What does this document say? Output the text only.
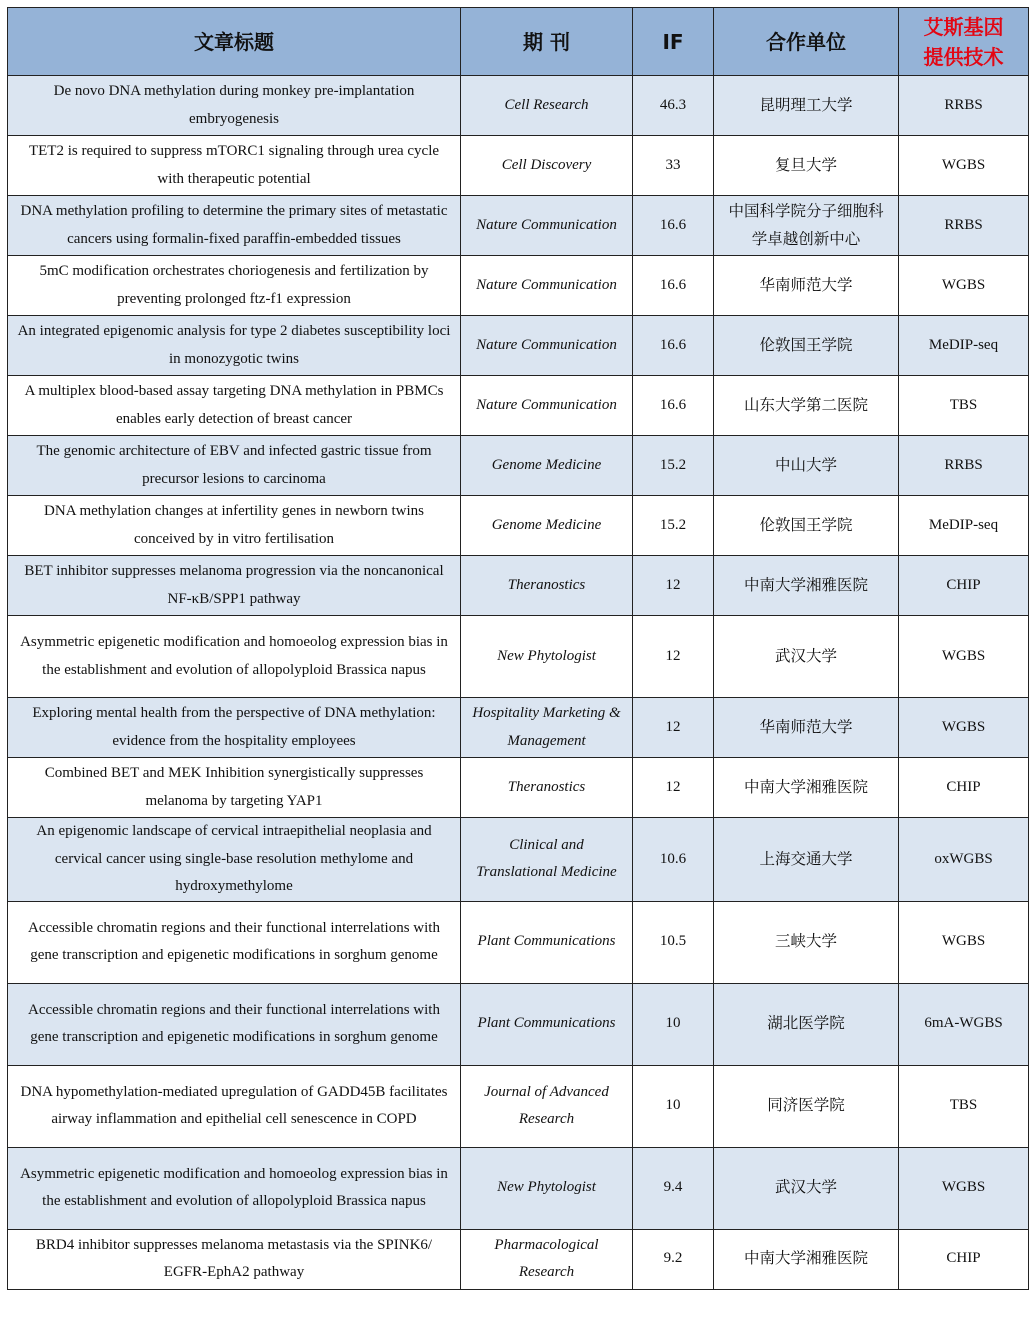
文章标题	期 刊	IF	合作单位	艾斯基因
提供技术
De novo DNA methylation during monkey pre-implantation embryogenesis	Cell Research	46.3	昆明理工大学	RRBS
TET2 is required to suppress mTORC1 signaling through urea cycle with therapeutic potential	Cell Discovery	33	复旦大学	WGBS
DNA methylation profiling to determine the primary sites of metastatic cancers using formalin-fixed paraffin-embedded tissues	Nature Communication	16.6	中国科学院分子细胞科学卓越创新中心	RRBS
5mC modification orchestrates choriogenesis and fertilization by preventing prolonged ftz-f1 expression	Nature Communication	16.6	华南师范大学	WGBS
An integrated epigenomic analysis for type 2 diabetes susceptibility loci in monozygotic twins	Nature Communication	16.6	伦敦国王学院	MeDIP-seq
A multiplex blood-based assay targeting DNA methylation in PBMCs enables early detection of breast cancer	Nature Communication	16.6	山东大学第二医院	TBS
The genomic architecture of EBV and infected gastric tissue from precursor lesions to carcinoma	Genome Medicine	15.2	中山大学	RRBS
DNA methylation changes at infertility genes in newborn twins conceived by in vitro fertilisation	Genome Medicine	15.2	伦敦国王学院	MeDIP-seq
BET inhibitor suppresses melanoma progression via the noncanonical NF-κB/SPP1 pathway	Theranostics	12	中南大学湘雅医院	CHIP
Asymmetric epigenetic modification and homoeolog expression bias in the establishment and evolution of allopolyploid Brassica napus	New Phytologist	12	武汉大学	WGBS
Exploring mental health from the perspective of DNA methylation: evidence from the hospitality employees	Hospitality Marketing & Management	12	华南师范大学	WGBS
Combined BET and MEK Inhibition synergistically suppresses melanoma by targeting YAP1	Theranostics	12	中南大学湘雅医院	CHIP
An epigenomic landscape of cervical intraepithelial neoplasia and cervical cancer using single-base resolution methylome and hydroxymethylome	Clinical and Translational Medicine	10.6	上海交通大学	oxWGBS
Accessible chromatin regions and their functional interrelations with gene transcription and epigenetic modifications in sorghum genome	Plant Communications	10.5	三峡大学	WGBS
Accessible chromatin regions and their functional interrelations with gene transcription and epigenetic modifications in sorghum genome	Plant Communications	10	湖北医学院	6mA-WGBS
DNA hypomethylation-mediated upregulation of GADD45B facilitates airway inflammation and epithelial cell senescence in COPD	Journal of Advanced Research	10	同济医学院	TBS
Asymmetric epigenetic modification and homoeolog expression bias in the establishment and evolution of allopolyploid Brassica napus	New Phytologist	9.4	武汉大学	WGBS
BRD4 inhibitor suppresses melanoma metastasis via the SPINK6/ EGFR-EphA2 pathway	Pharmacological Research	9.2	中南大学湘雅医院	CHIP
